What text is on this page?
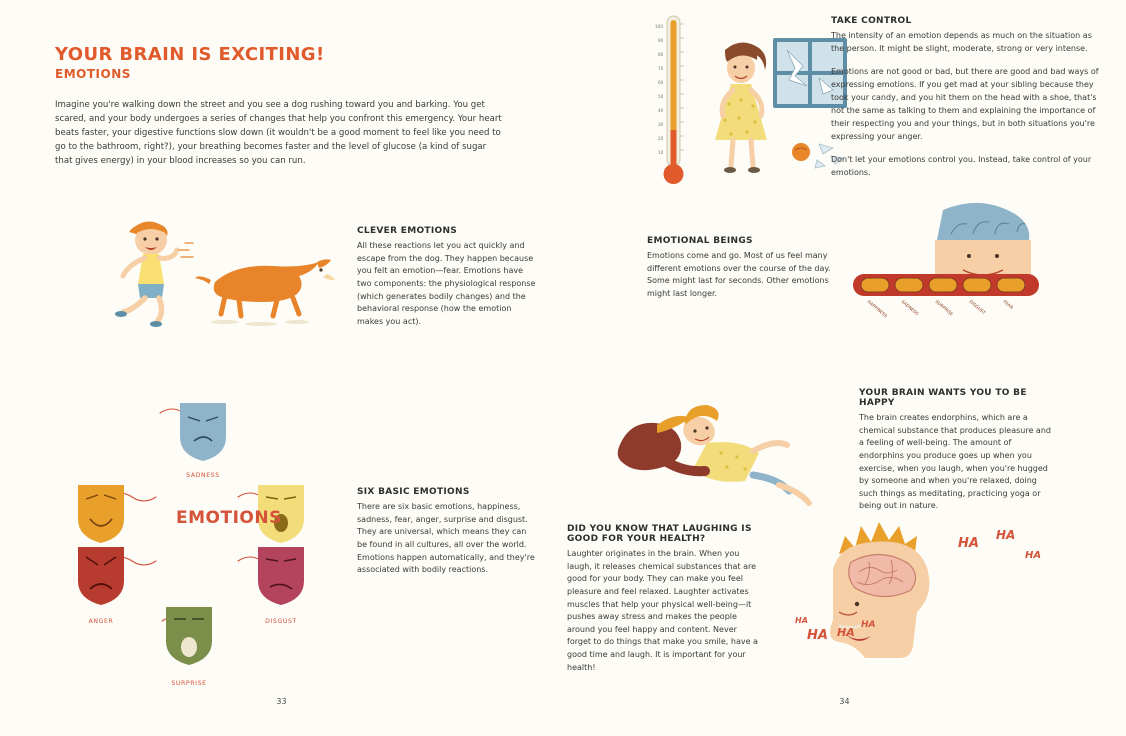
YOUR BRAIN IS EXCITING!
EMOTIONS

Imagine you're walking down the street and you see a dog rushing toward you and barking. You get scared, and your body undergoes a series of changes that help you confront this emergency. Your heart beats faster, your digestive functions slow down (it wouldn't be a good moment to feel like you need to go to the bathroom, right?), your breathing becomes faster and the level of glucose (a kind of sugar that gives energy) in your blood increases so you can run.

CLEVER EMOTIONS

All these reactions let you act quickly and escape from the dog. They happen because you felt an emotion—fear. Emotions have two components: the physiological response (which generates bodily changes) and the behavioral response (how the emotion makes you act).

SADNESS
ANGER	DISGUST
SURPRISE
EMOTIONS

SIX BASIC EMOTIONS

There are six basic emotions, happiness, sadness, fear, anger, surprise and disgust. They are universal, which means they can be found in all cultures, all over the world. Emotions happen automatically, and they're associated with bodily reactions.

33
100
90
80
70
60
50
40
30
20
10

TAKE CONTROL

The intensity of an emotion depends as much on the situation as the person. It might be slight, moderate, strong or very intense.

Emotions are not good or bad, but there are good and bad ways of expressing emotions. If you get mad at your sibling because they took your candy, and you hit them on the head with a shoe, that's not the same as talking to them and explaining the importance of their respecting you and your things, but in both situations you're expressing your anger.

Don't let your emotions control you. Instead, take control of your emotions.

EMOTIONAL BEINGS

Emotions come and go. Most of us feel many different emotions over the course of the day. Some might last for seconds. Other emotions might last longer.

HAPPINESS	SADNESS	SURPRISE	DISGUST	FEAR

YOUR BRAIN WANTS YOU TO BE HAPPY

The brain creates endorphins, which are a chemical substance that produces pleasure and a feeling of well-being. The amount of endorphins you produce goes up when you exercise, when you laugh, when you're hugged by someone and when you're relaxed, doing such things as meditating, practicing yoga or being out in nature.

DID YOU KNOW THAT LAUGHING IS GOOD FOR YOUR HEALTH?

Laughter originates in the brain. When you laugh, it releases chemical substances that are good for your body. They can make you feel pleasure and feel relaxed. Laughter activates muscles that help your physical well-being—it pushes away stress and makes the people around you feel happy and content. Never forget to do things that make you smile, have a good time and laugh. It is important for your health!

HA
HA
HA
HA
HA HA
HA
34
